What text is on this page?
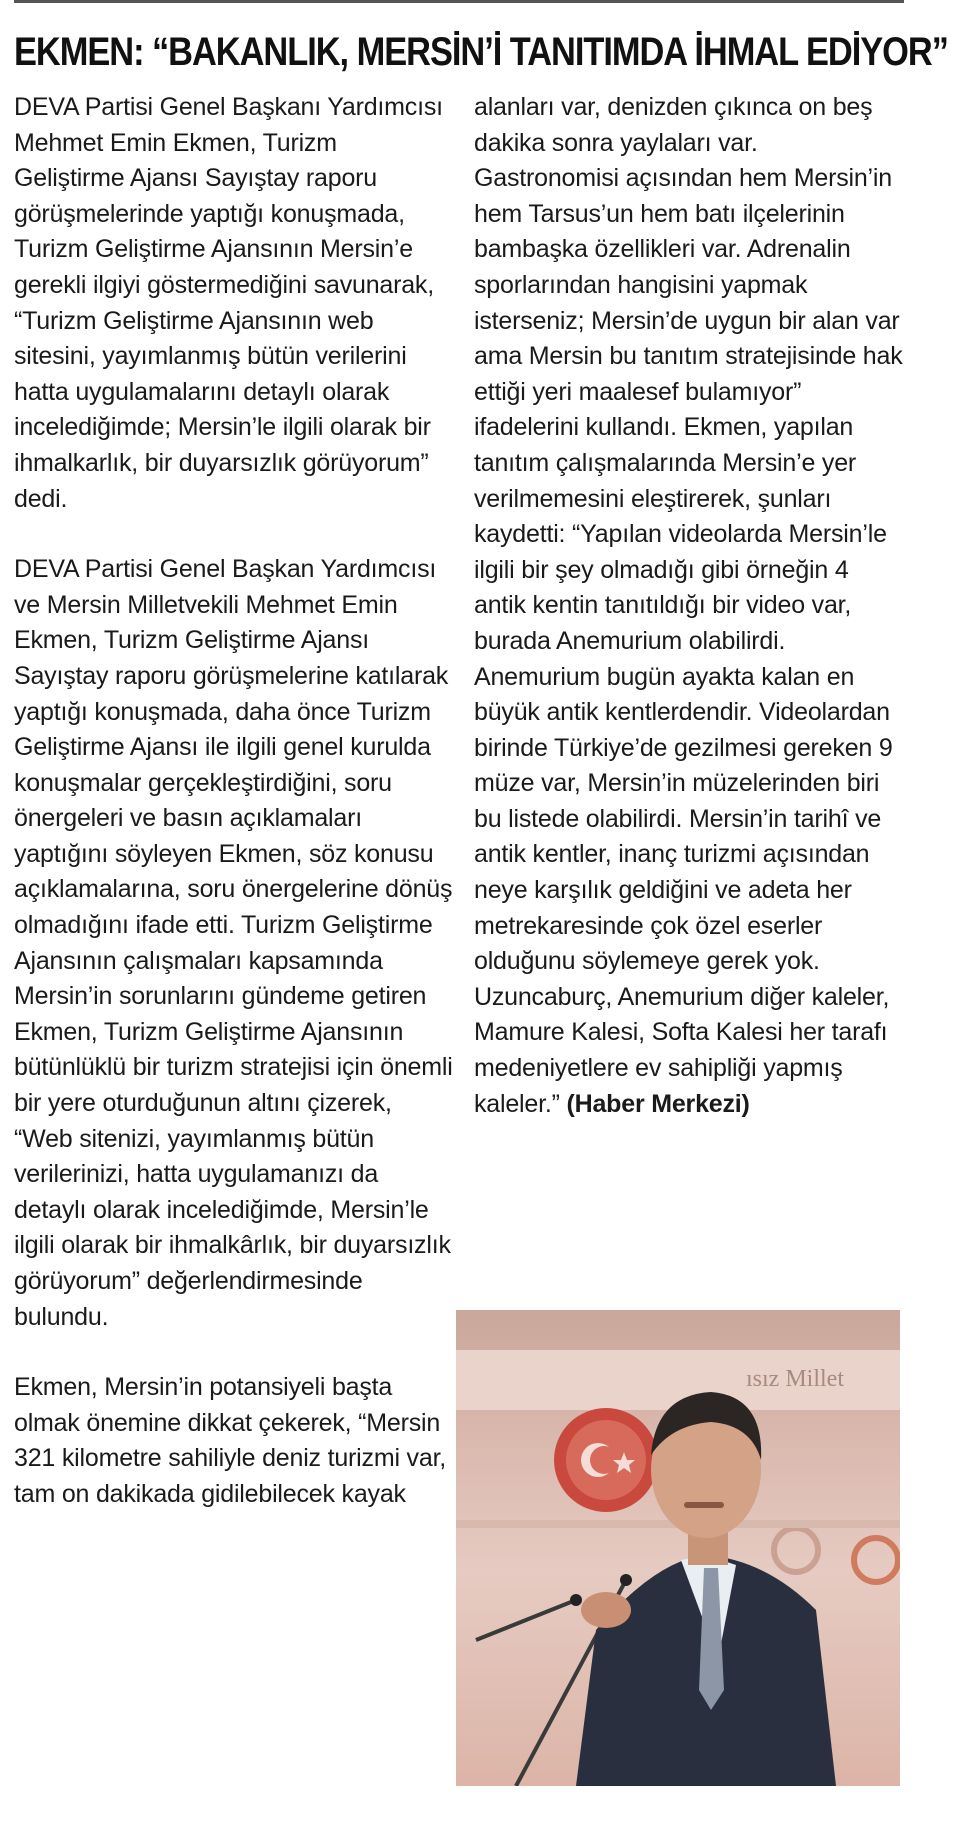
EKMEN: “BAKANLIK, MERSİN’İ TANITIMDA İHMAL EDİYOR”

DEVA Partisi Genel Başkanı Yardımcısı Mehmet Emin Ekmen, Turizm Geliştirme Ajansı Sayıştay raporu görüşmelerinde yaptığı konuşmada, Turizm Geliştirme Ajansının Mersin’e gerekli ilgiyi göstermediğini savunarak, “Turizm Geliştirme Ajansının web sitesini, yayımlanmış bütün verilerini hatta uygulamalarını detaylı olarak incelediğimde; Mersin’le ilgili olarak bir ihmalkarlık, bir duyarsızlık görüyorum” dedi.

DEVA Partisi Genel Başkan Yardımcısı ve Mersin Milletvekili Mehmet Emin Ekmen, Turizm Geliştirme Ajansı Sayıştay raporu görüşmelerine katılarak yaptığı konuşmada, daha önce Turizm Geliştirme Ajansı ile ilgili genel kurulda konuşmalar gerçekleştirdiğini, soru önergeleri ve basın açıklamaları yaptığını söyleyen Ekmen, söz konusu açıklamalarına, soru önergelerine dönüş olmadığını ifade etti. Turizm Geliştirme Ajansının çalışmaları kapsamında Mersin’in sorunlarını gündeme getiren Ekmen, Turizm Geliştirme Ajansının bütünlüklü bir turizm stratejisi için önemli bir yere oturduğunun altını çizerek, “Web sitenizi, yayımlanmış bütün verilerinizi, hatta uygulamanızı da detaylı olarak incelediğimde, Mersin’le ilgili olarak bir ihmalkârlık, bir duyarsızlık görüyorum” değerlendirmesinde bulundu.

Ekmen, Mersin’in potansiyeli başta olmak önemine dikkat çekerek, “Mersin 321 kilometre sahiliyle deniz turizmi var, tam on dakikada gidilebilecek kayak

alanları var, denizden çıkınca on beş dakika sonra yaylaları var. Gastronomisi açısından hem Mersin’in hem Tarsus’un hem batı ilçelerinin bambaşka özellikleri var. Adrenalin sporlarından hangisini yapmak isterseniz; Mersin’de uygun bir alan var ama Mersin bu tanıtım stratejisinde hak ettiği yeri maalesef bulamıyor” ifadelerini kullandı. Ekmen, yapılan tanıtım çalışmalarında Mersin’e yer verilmemesini eleştirerek, şunları kaydetti: “Yapılan videolarda Mersin’le ilgili bir şey olmadığı gibi örneğin 4 antik kentin tanıtıldığı bir video var, burada Anemurium olabilirdi. Anemurium bugün ayakta kalan en büyük antik kentlerdendir. Videolardan birinde Türkiye’de gezilmesi gereken 9 müze var, Mersin’in müzelerinden biri bu listede olabilirdi. Mersin’in tarihî ve antik kentler, inanç turizmi açısından neye karşılık geldiğini ve adeta her metrekaresinde çok özel eserler olduğunu söylemeye gerek yok. Uzuncaburç, Anemurium diğer kaleler, Mamure Kalesi, Softa Kalesi her tarafı medeniyetlere ev sahipliği yapmış kaleler.” (Haber Merkezi)

ısız Millet
